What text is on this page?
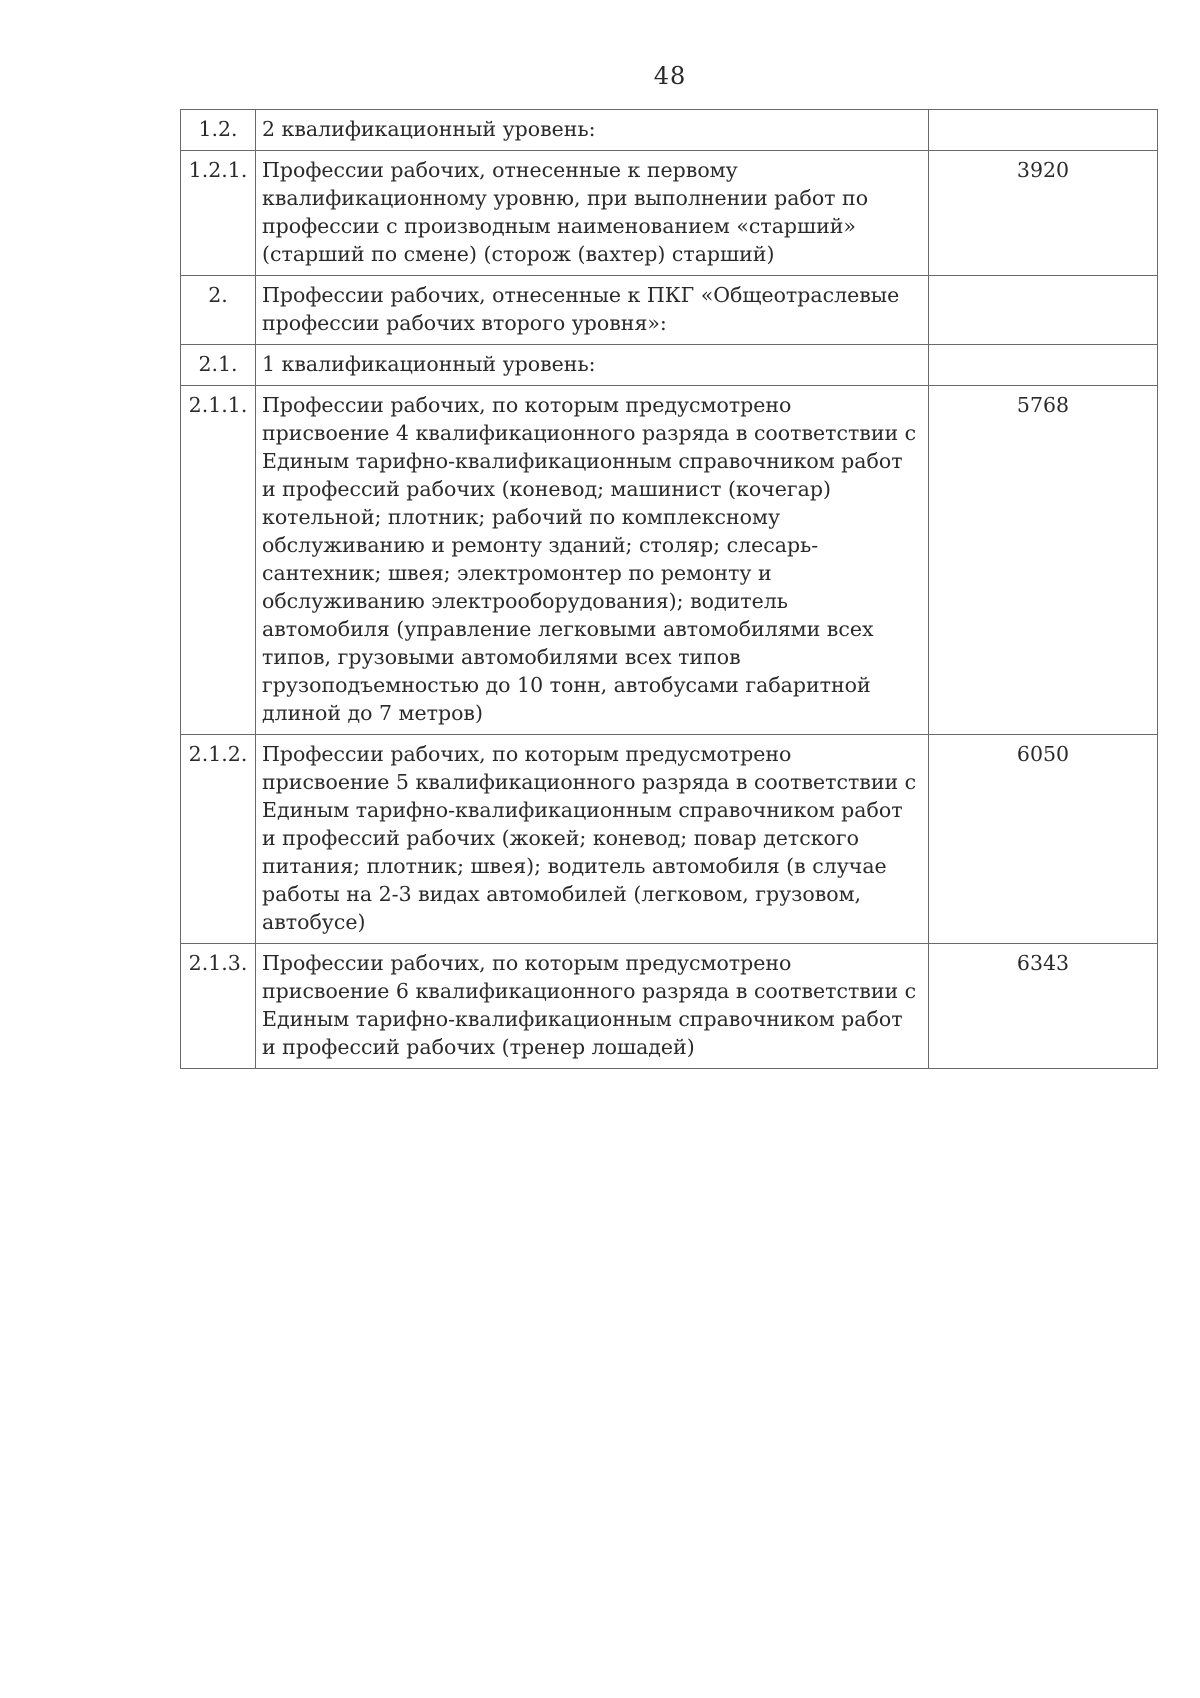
48
1.2.	2 квалификационный уровень:	
1.2.1.	Профессии рабочих, отнесенные к первому квалификационному уровню, при выполнении работ по профессии с производным наименованием «старший» (старший по смене) (сторож (вахтер) старший)	3920
2.	Профессии рабочих, отнесенные к ПКГ «Общеотраслевые профессии рабочих второго уровня»:	
2.1.	1 квалификационный уровень:	
2.1.1.	Профессии рабочих, по которым предусмотрено присвоение 4 квалификационного разряда в соответствии с Единым тарифно-квалификационным справочником работ и профессий рабочих (коневод; машинист (кочегар) котельной; плотник; рабочий по комплексному обслуживанию и ремонту зданий; столяр; слесарь-сантехник; швея; электромонтер по ремонту и обслуживанию электрооборудования); водитель автомобиля (управление легковыми автомобилями всех типов, грузовыми автомобилями всех типов грузоподъемностью до 10 тонн, автобусами габаритной длиной до 7 метров)	5768
2.1.2.	Профессии рабочих, по которым предусмотрено присвоение 5 квалификационного разряда в соответствии с Единым тарифно-квалификационным справочником работ и профессий рабочих (жокей; коневод; повар детского питания; плотник; швея); водитель автомобиля (в случае работы на 2-3 видах автомобилей (легковом, грузовом, автобусе)	6050
2.1.3.	Профессии рабочих, по которым предусмотрено присвоение 6 квалификационного разряда в соответствии с Единым тарифно-квалификационным справочником работ и профессий рабочих (тренер лошадей)	6343
